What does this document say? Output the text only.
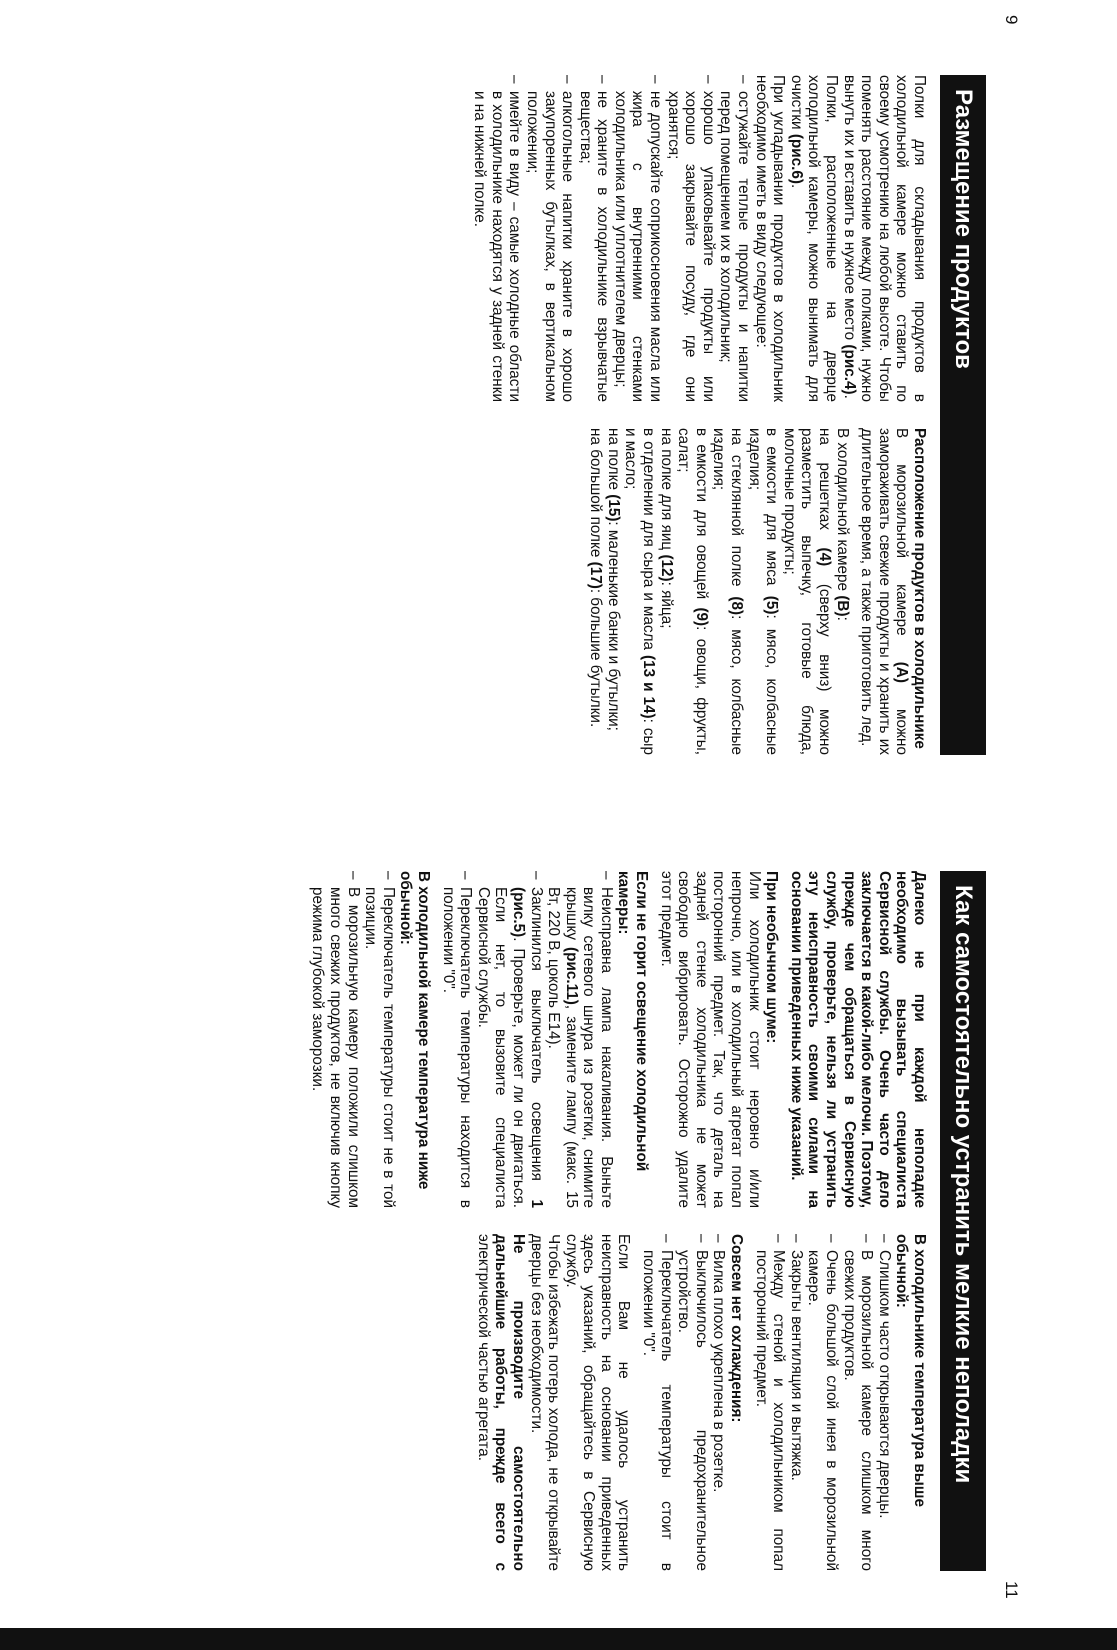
9
11
Размещение продуктов

Полки для складывания продуктов в холодильной камере можно ставить по своему усмотрению на любой высоте. Чтобы поменять расстояние между полками, нужно вынуть их и вставить в нужное место (рис.4).

Полки, расположенные на дверце холодильной камеры, можно вынимать для очистки (рис.6).

При укладывании продуктов в холодильник необходимо иметь в виду следующее:

– остужайте теплые продукты и напитки перед помещением их в холодильник;
– хорошо упаковывайте продукты или хорошо закрывайте посуду, где они хранятся;
– не допускайте соприкосновения масла или жира с внутренними стенками холодильника или уплотнителем дверцы;
– не храните в холодильнике взрывчатые вещества;
– алкогольные напитки храните в хорошо закупоренных бутылках, в вертикальном положении;
– имейте в виду – самые холодные области в холодильнике находятся у задней стенки и на нижней полке.
Расположение продуктов в холодильнике

В морозильной камере (A) можно замораживать свежие продукты и хранить их длительное время, а также приготовить лед.

В холодильной камере (B):

на решетках (4) (сверху вниз) можно разместить выпечку, готовые блюда, молочные продукты;

в емкости для мяса (5): мясо, колбасные изделия;

на стеклянной полке (8): мясо, колбасные изделия;

в емкости для овощей (9): овощи, фрукты, салат;

на полке для яиц (12): яйца;

в отделении для сыра и масла (13 и 14): сыр и масло;

на полке (15): маленькие банки и бутылки;

на большой полке (17): большие бутылки.

Как самостоятельно устранить мелкие неполадки

Далеко не при каждой неполадке необходимо вызывать специалиста Сервисной службы. Очень часто дело заключается в какой-либо мелочи. Поэтому, прежде чем обращаться в Сервисную службу, проверьте, нельзя ли устранить эту неисправность своими силами на основании приведенных ниже указаний.

При необычном шуме:

Или холодильник стоит неровно и/или непрочно, или в холодильный агрегат попал посторонний предмет. Так, что деталь на задней стенке холодильника не может свободно вибрировать. Осторожно удалите этот предмет.

Если не горит освещение холодильной камеры:
– Неисправна лампа накаливания. Выньте вилку сетевого шнура из розетки, снимите крышку (рис.11), замените лампу (макс. 15 Вт, 220 В, цоколь E14).
– Заклинился выключатель освещения 1 (рис.5). Проверьте, может ли он двигаться. Если нет, то вызовите специалиста Сервисной службы.
– Переключатель температуры находится в положении "0".
В холодильной камере температура ниже обычной:
– Переключатель температуры стоит не в той позиции.
– В морозильную камеру положили слишком много свежих продуктов, не включив кнопку режима глубокой заморозки.
В холодильнике температура выше обычной:
– Слишком часто открываются дверцы.
– В морозильной камере слишком много свежих продуктов.
– Очень большой слой инея в морозильной камере.
– Закрыты вентиляция и вытяжка.
– Между стеной и холодильником попал посторонний предмет.
Совсем нет охлаждения:
– Вилка плохо укреплена в розетке.
– Выключилось предохранительное устройство.
– Переключатель температуры стоит в положении "0".

Если Вам не удалось устранить неисправность на основании приведенных здесь указаний, обращайтесь в Сервисную службу.

Чтобы избежать потерь холода, не открывайте дверцы без необходимости.

Не производите самостоятельно дальнейшие работы, прежде всего с электрической частью агрегата.
